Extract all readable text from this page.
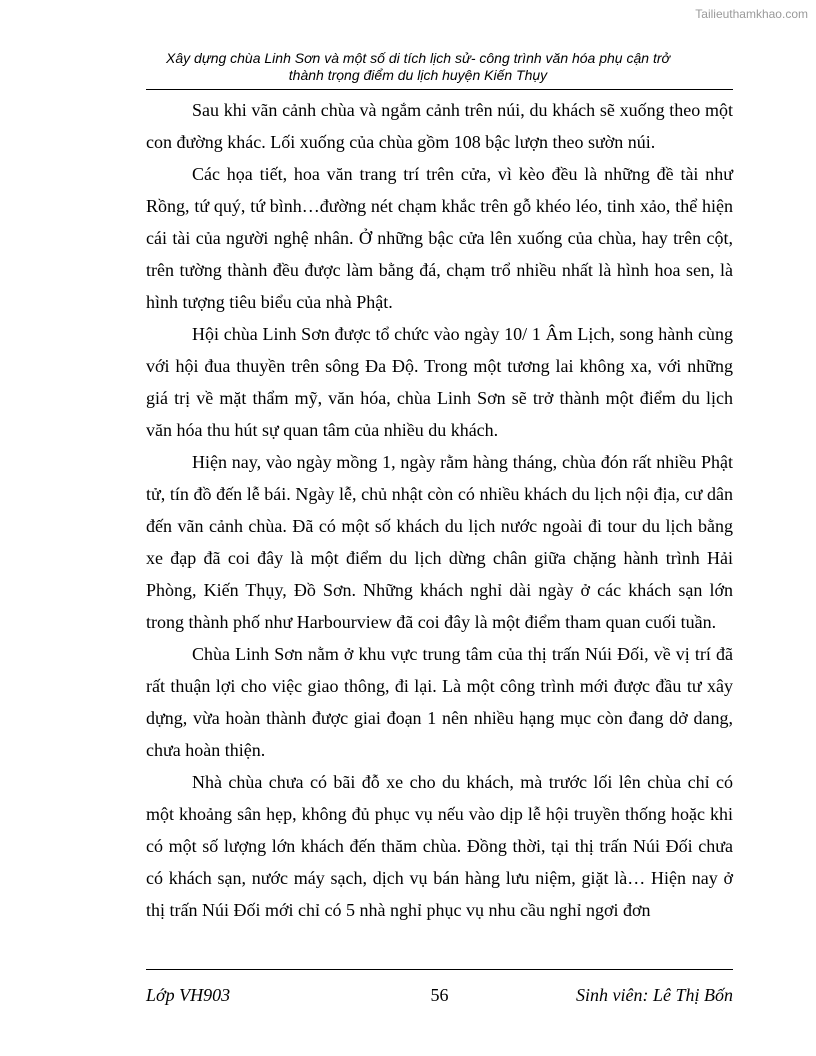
Tailieuthamkhao.com
Xây dựng chùa Linh Sơn và một số di tích lịch sử- công trình văn hóa phụ cận trở
thành trọng điểm du lịch huyện Kiến Thụy

Sau khi vãn cảnh chùa và ngắm cảnh trên núi, du khách sẽ xuống theo một con đường khác. Lối xuống của chùa gồm 108 bậc lượn theo sườn núi.

Các họa tiết, hoa văn trang trí trên cửa, vì kèo đều là những đề tài như Rồng, tứ quý, tứ bình…đường nét chạm khắc trên gỗ khéo léo, tinh xảo, thể hiện cái tài của người nghệ nhân. Ở những bậc cửa lên xuống của chùa, hay trên cột, trên tường thành đều được làm bằng đá, chạm trổ nhiều nhất là hình hoa sen, là hình tượng tiêu biểu của nhà Phật.

Hội chùa Linh Sơn được tổ chức vào ngày 10/ 1 Âm Lịch, song hành cùng với hội đua thuyền trên sông Đa Độ. Trong một tương lai không xa, với những giá trị về mặt thẩm mỹ, văn hóa, chùa Linh Sơn sẽ trở thành một điểm du lịch văn hóa thu hút sự quan tâm của nhiều du khách.

Hiện nay, vào ngày mồng 1, ngày rằm hàng tháng, chùa đón rất nhiều Phật tử, tín đồ đến lễ bái. Ngày lễ, chủ nhật còn có nhiều khách du lịch nội địa, cư dân đến vãn cảnh chùa. Đã có một số khách du lịch nước ngoài đi tour du lịch bằng xe đạp đã coi đây là một điểm du lịch dừng chân giữa chặng hành trình Hải Phòng, Kiến Thụy, Đồ Sơn. Những khách nghỉ dài ngày ở các khách sạn lớn trong thành phố như Harbourview đã coi đây là một điểm tham quan cuối tuần.

Chùa Linh Sơn nằm ở khu vực trung tâm của thị trấn Núi Đối, về vị trí đã rất thuận lợi cho việc giao thông, đi lại. Là một công trình mới được đầu tư xây dựng, vừa hoàn thành được giai đoạn 1 nên nhiều hạng mục còn đang dở dang, chưa hoàn thiện.

Nhà chùa chưa có bãi đỗ xe cho du khách, mà trước lối lên chùa chỉ có một khoảng sân hẹp, không đủ phục vụ nếu vào dịp lễ hội truyền thống hoặc khi có một số lượng lớn khách đến thăm chùa. Đồng thời, tại thị trấn Núi Đối chưa có khách sạn, nước máy sạch, dịch vụ bán hàng lưu niệm, giặt là… Hiện nay ở thị trấn Núi Đối mới chỉ có 5 nhà nghỉ phục vụ nhu cầu nghỉ ngơi đơn

Lớp VH903	56	Sinh viên: Lê Thị Bốn
